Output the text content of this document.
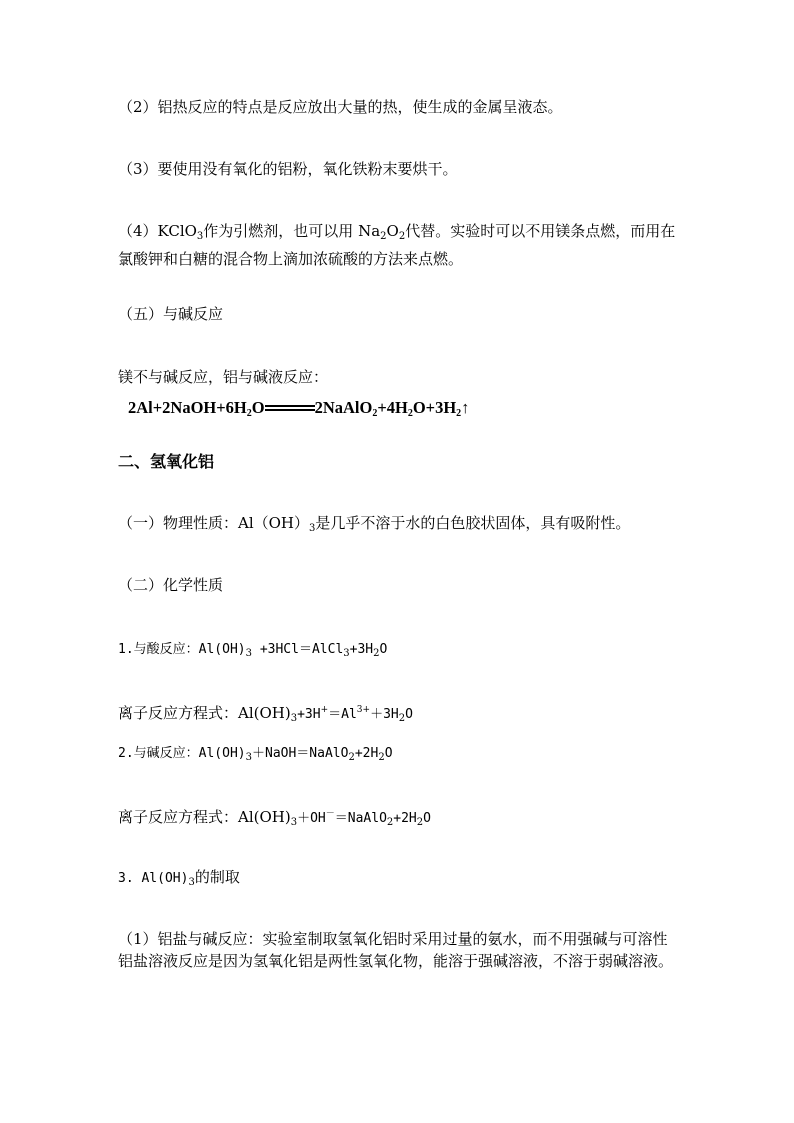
（2）铝热反应的特点是反应放出大量的热，使生成的金属呈液态。
（3）要使用没有氧化的铝粉，氧化铁粉末要烘干。
（4）KClO$_3$作为引燃剂，也可以用 $Na_2O_2$代替。实验时可以不用镁条点燃，而用在氯酸钾和白糖的混合物上滴加浓硫酸的方法来点燃。
（五）与碱反应
镁不与碱反应，铝与碱液反应：
$2Al+2NaOH+6H_2O$	$2NaAlO_2+4H_2O+3H_2↑$
二、氢氧化铝
（一）物理性质：$Al(OH)_3$是几乎不溶于水的白色胶状固体，具有吸附性。
（二）化学性质
1.与酸反应：$Al(OH)_3$ $+3HCl=AlCl_3+3H_2O$
离子反应方程式：$Al(OH)_3+3H^+=Al^{3+}+3H_2O$
2.与碱反应：$Al(OH)_3+NaOH=NaAlO_2+2H_2O$
离子反应方程式：$Al(OH)_3+OH^-=NaAlO_2+2H_2O$
3. $Al(OH)_3$的制取
（1）铝盐与碱反应：实验室制取氢氧化铝时采用过量的氨水，而不用强碱与可溶性铝盐溶液反应是因为氢氧化铝是两性氢氧化物，能溶于强碱溶液，不溶于弱碱溶液。
